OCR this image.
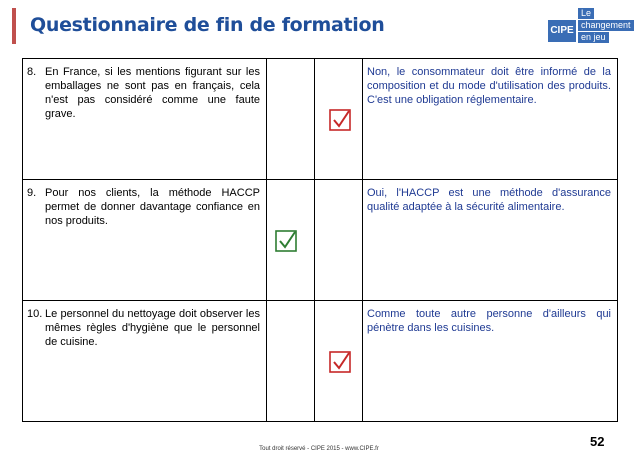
Questionnaire de fin de formation
Le
CIPE changement
en jeu
8. En France, si les mentions figurant sur les emballages ne sont pas en français, cela n'est pas considéré comme une faute grave.			Non, le consommateur doit être informé de la composition et du mode d'utilisation des produits. C'est une obligation réglementaire.

9. Pour nos clients, la méthode HACCP permet de donner davantage confiance en nos produits.			Oui, l'HACCP est une méthode d'assurance qualité adaptée à la sécurité alimentaire.

10. Le personnel du nettoyage doit observer les mêmes règles d'hygiène que le personnel de cuisine.			Comme toute autre personne d'ailleurs qui pénètre dans les cuisines.
52
Tout droit réservé - CIPE 2015 - www.CIPE.fr
